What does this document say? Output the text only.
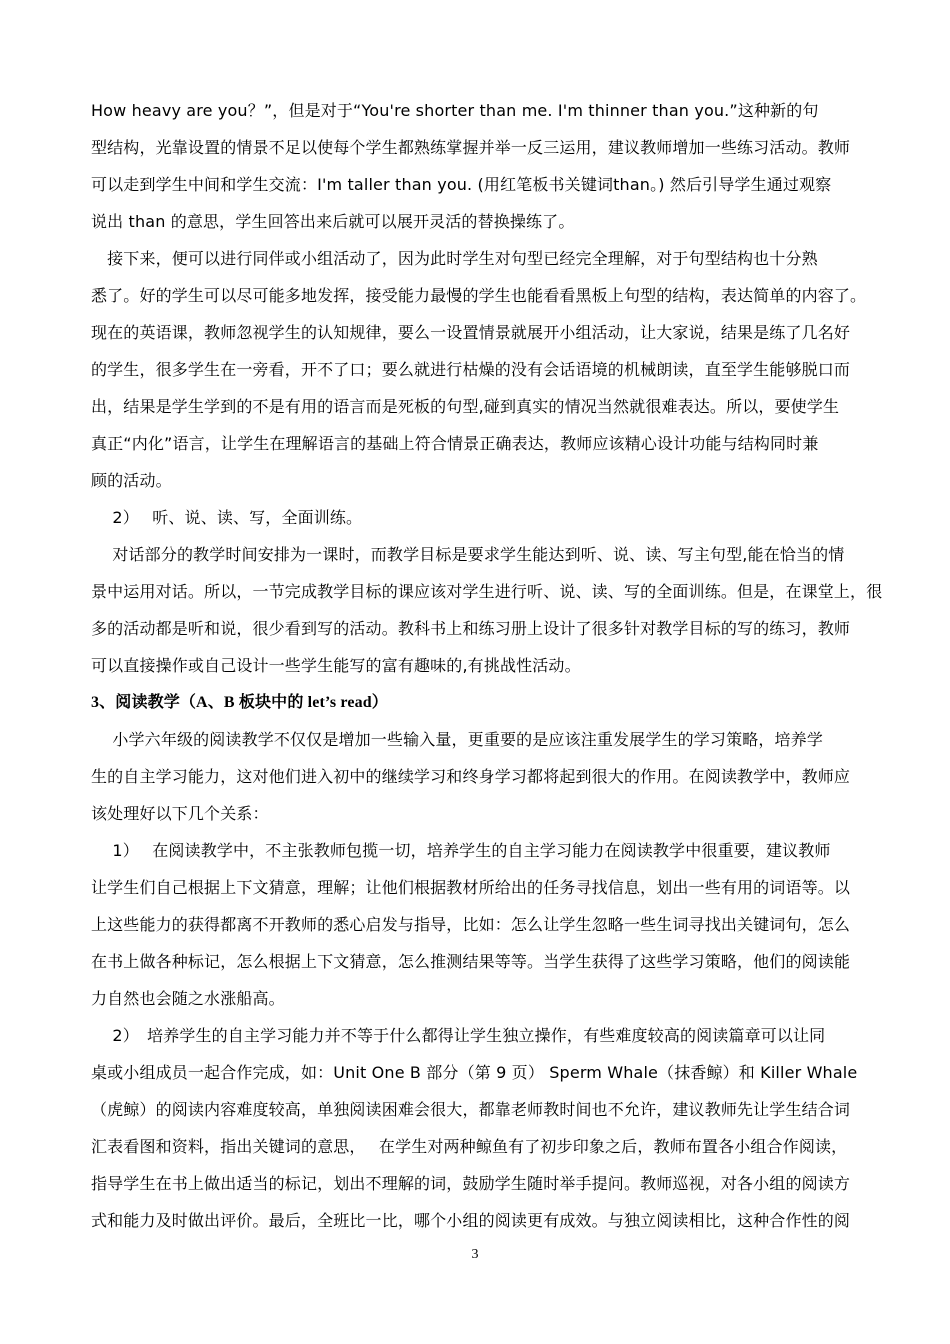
How heavy are you？”，但是对于“You're shorter than me. I'm thinner than you.”这种新的句
型结构，光靠设置的情景不足以使每个学生都熟练掌握并举一反三运用，建议教师增加一些练习活动。教师
可以走到学生中间和学生交流：I'm taller than you. (用红笔板书关键词than。) 然后引导学生通过观察
说出 than 的意思，学生回答出来后就可以展开灵活的替换操练了。
　接下来，便可以进行同伴或小组活动了，因为此时学生对句型已经完全理解，对于句型结构也十分熟
悉了。好的学生可以尽可能多地发挥，接受能力最慢的学生也能看看黑板上句型的结构，表达简单的内容了。
现在的英语课，教师忽视学生的认知规律，要么一设置情景就展开小组活动，让大家说，结果是练了几名好
的学生，很多学生在一旁看，开不了口；要么就进行枯燥的没有会话语境的机械朗读，直至学生能够脱口而
出，结果是学生学到的不是有用的语言而是死板的句型,碰到真实的情况当然就很难表达。所以，要使学生
真正“内化”语言，让学生在理解语言的基础上符合情景正确表达，教师应该精心设计功能与结构同时兼
顾的活动。
　 2）　 听、说、读、写，全面训练。
　 对话部分的教学时间安排为一课时，而教学目标是要求学生能达到听、说、读、写主句型,能在恰当的情
景中运用对话。所以，一节完成教学目标的课应该对学生进行听、说、读、写的全面训练。但是，在课堂上，很
多的活动都是听和说，很少看到写的活动。教科书上和练习册上设计了很多针对教学目标的写的练习，教师
可以直接操作或自己设计一些学生能写的富有趣味的,有挑战性活动。
3、阅读教学（A、B 板块中的 let’s read）
　 小学六年级的阅读教学不仅仅是增加一些输入量，更重要的是应该注重发展学生的学习策略，培养学
生的自主学习能力，这对他们进入初中的继续学习和终身学习都将起到很大的作用。在阅读教学中，教师应
该处理好以下几个关系：
　 1）　 在阅读教学中，不主张教师包揽一切，培养学生的自主学习能力在阅读教学中很重要，建议教师
让学生们自己根据上下文猜意，理解；让他们根据教材所给出的任务寻找信息，划出一些有用的词语等。以
上这些能力的获得都离不开教师的悉心启发与指导，比如：怎么让学生忽略一些生词寻找出关键词句，怎么
在书上做各种标记，怎么根据上下文猜意，怎么推测结果等等。当学生获得了这些学习策略，他们的阅读能
力自然也会随之水涨船高。
　 2）　培养学生的自主学习能力并不等于什么都得让学生独立操作，有些难度较高的阅读篇章可以让同
桌或小组成员一起合作完成，如：Unit One B 部分（第 9 页） Sperm Whale（抹香鲸）和 Killer Whale
（虎鲸）的阅读内容难度较高，单独阅读困难会很大，都靠老师教时间也不允许，建议教师先让学生结合词
汇表看图和资料，指出关键词的意思，　 在学生对两种鲸鱼有了初步印象之后，教师布置各小组合作阅读，
指导学生在书上做出适当的标记，划出不理解的词，鼓励学生随时举手提问。教师巡视，对各小组的阅读方
式和能力及时做出评价。最后，全班比一比，哪个小组的阅读更有成效。与独立阅读相比，这种合作性的阅
3
